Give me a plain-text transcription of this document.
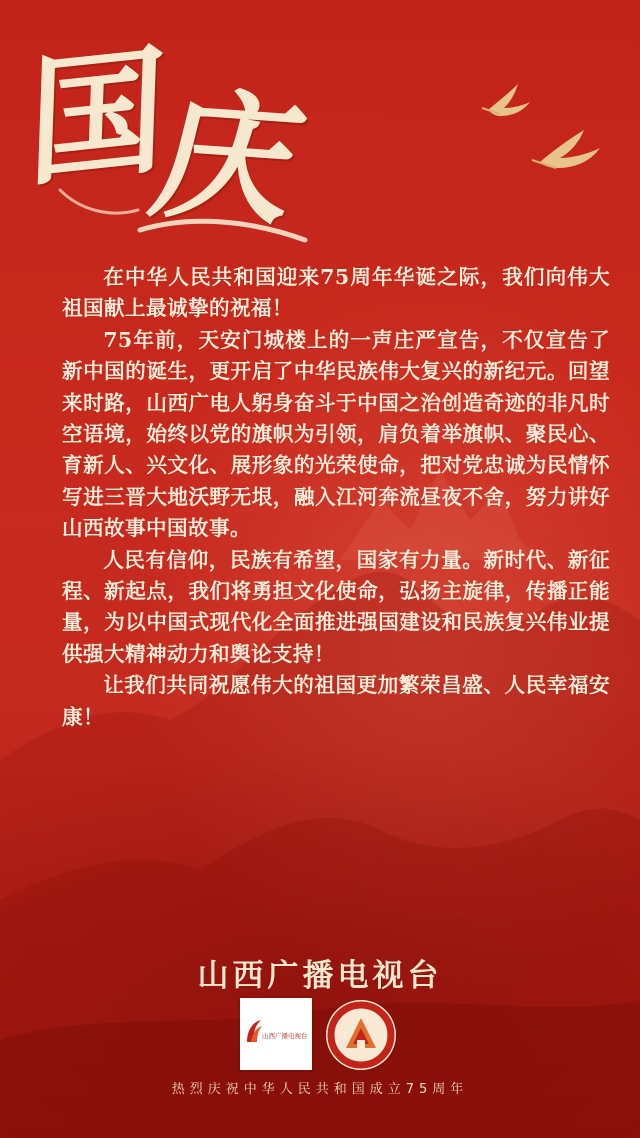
国
庆

在中华人民共和国迎来75周年华诞之际，我们向伟大祖国献上最诚挚的祝福！

75年前，天安门城楼上的一声庄严宣告，不仅宣告了新中国的诞生，更开启了中华民族伟大复兴的新纪元。回望来时路，山西广电人躬身奋斗于中国之治创造奇迹的非凡时空语境，始终以党的旗帜为引领，肩负着举旗帜、聚民心、育新人、兴文化、展形象的光荣使命，把对党忠诚为民情怀写进三晋大地沃野无垠，融入江河奔流昼夜不舍，努力讲好山西故事中国故事。

人民有信仰，民族有希望，国家有力量。新时代、新征程、新起点，我们将勇担文化使命，弘扬主旋律，传播正能量，为以中国式现代化全面推进强国建设和民族复兴伟业提供强大精神动力和舆论支持！

让我们共同祝愿伟大的祖国更加繁荣昌盛、人民幸福安康！

山西广播电视台
山西广播电视台
热烈庆祝中华人民共和国成立75周年
